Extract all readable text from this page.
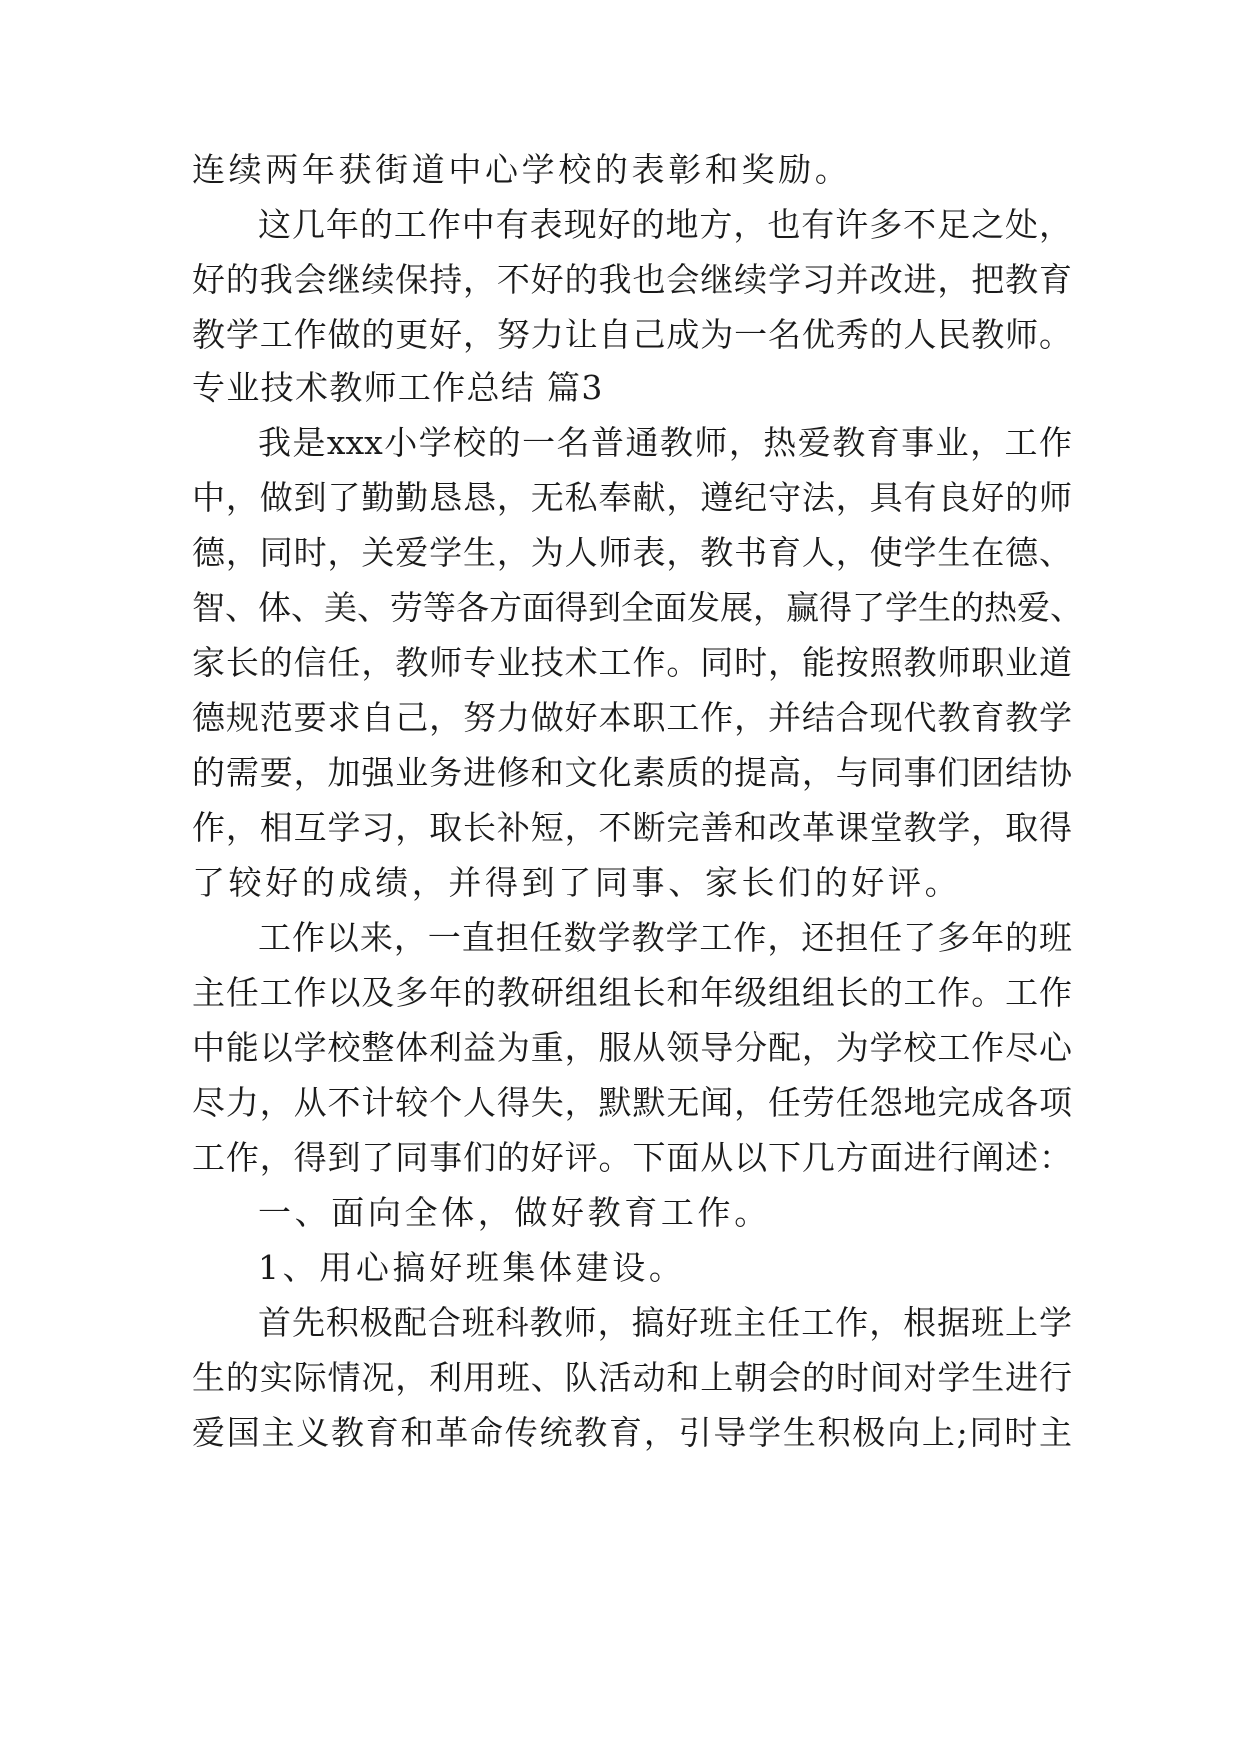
连续两年获街道中心学校的表彰和奖励。
这几年的工作中有表现好的地方，也有许多不足之处，
好的我会继续保持，不好的我也会继续学习并改进，把教育
教学工作做的更好，努力让自己成为一名优秀的人民教师。
专业技术教师工作总结 篇3
我是xxx小学校的一名普通教师，热爱教育事业，工作
中，做到了勤勤恳恳，无私奉献，遵纪守法，具有良好的师
德，同时，关爱学生，为人师表，教书育人，使学生在德、
智、体、美、劳等各方面得到全面发展，赢得了学生的热爱、
家长的信任，教师专业技术工作。同时，能按照教师职业道
德规范要求自己，努力做好本职工作，并结合现代教育教学
的需要，加强业务进修和文化素质的提高，与同事们团结协
作，相互学习，取长补短，不断完善和改革课堂教学，取得
了较好的成绩，并得到了同事、家长们的好评。
工作以来，一直担任数学教学工作，还担任了多年的班
主任工作以及多年的教研组组长和年级组组长的工作。工作
中能以学校整体利益为重，服从领导分配，为学校工作尽心
尽力，从不计较个人得失，默默无闻，任劳任怨地完成各项
工作，得到了同事们的好评。下面从以下几方面进行阐述：
一、面向全体，做好教育工作。
1、用心搞好班集体建设。
首先积极配合班科教师，搞好班主任工作，根据班上学
生的实际情况，利用班、队活动和上朝会的时间对学生进行
爱国主义教育和革命传统教育，引导学生积极向上;同时主
